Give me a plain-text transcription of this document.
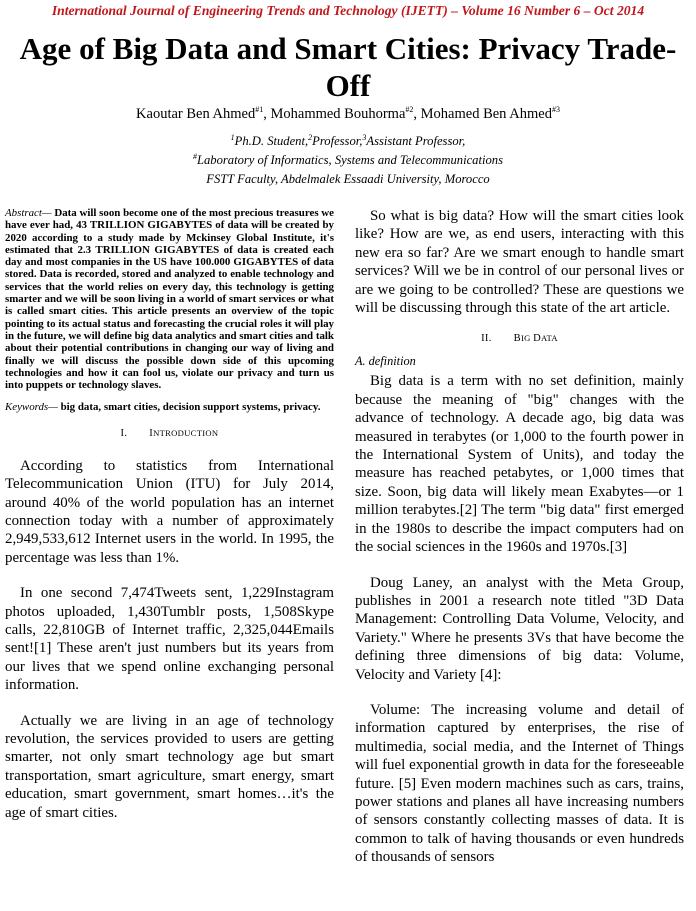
International Journal of Engineering Trends and Technology (IJETT) – Volume 16 Number 6 – Oct 2014
Age of Big Data and Smart Cities: Privacy Trade-Off
Kaoutar Ben Ahmed$^{\#1}$, Mohammed Bouhorma$^{\#2}$, Mohamed Ben Ahmed$^{\#3}$
$^1$Ph.D. Student,$^2$Professor,$^3$Assistant Professor,
#Laboratory of Informatics, Systems and Telecommunications
FSTT Faculty, Abdelmalek Essaadi University, Morocco

Abstract— Data will soon become one of the most precious treasures we have ever had, 43 TRILLION GIGABYTES of data will be created by 2020 according to a study made by Mckinsey Global Institute, it's estimated that 2.3 TRILLION GIGABYTES of data is created each day and most companies in the US have 100.000 GIGABYTES of data stored. Data is recorded, stored and analyzed to enable technology and services that the world relies on every day, this technology is getting smarter and we will be soon living in a world of smart services or what is called smart cities. This article presents an overview of the topic pointing to its actual status and forecasting the crucial roles it will play in the future, we will define big data analytics and smart cities and talk about their potential contributions in changing our way of living and finally we will discuss the possible down side of this upcoming technologies and how it can fool us, violate our privacy and turn us into puppets or technology slaves.

Keywords— big data, smart cities, decision support systems, privacy.

I. INTRODUCTION

According to statistics from International Telecommunication Union (ITU) for July 2014, around 40% of the world population has an internet connection today with a number of approximately 2,949,533,612 Internet users in the world. In 1995, the percentage was less than 1%.

In one second 7,474Tweets sent, 1,229Instagram photos uploaded, 1,430Tumblr posts, 1,508Skype calls, 22,810GB of Internet traffic, 2,325,044Emails sent![1] These aren't just numbers but its years from our lives that we spend online exchanging personal information.

Actually we are living in an age of technology revolution, the services provided to users are getting smarter, not only smart technology age but smart transportation, smart agriculture, smart energy, smart education, smart government, smart homes…it's the age of smart cities.

So what is big data? How will the smart cities look like? How are we, as end users, interacting with this new era so far? Are we smart enough to handle smart services? Will we be in control of our personal lives or are we going to be controlled? These are questions we will be discussing through this state of the art article.

II. BIG DATA

A. definition

Big data is a term with no set definition, mainly because the meaning of "big" changes with the advance of technology. A decade ago, big data was measured in terabytes (or 1,000 to the fourth power in the International System of Units), and today the measure has reached petabytes, or 1,000 times that size. Soon, big data will likely mean Exabytes—or 1 million terabytes.[2] The term "big data" first emerged in the 1980s to describe the impact computers had on the social sciences in the 1960s and 1970s.[3]

Doug Laney, an analyst with the Meta Group, publishes in 2001 a research note titled "3D Data Management: Controlling Data Volume, Velocity, and Variety." Where he presents 3Vs that have become the defining three dimensions of big data: Volume, Velocity and Variety [4]:

Volume: The increasing volume and detail of information captured by enterprises, the rise of multimedia, social media, and the Internet of Things will fuel exponential growth in data for the foreseeable future. [5] Even modern machines such as cars, trains, power stations and planes all have increasing numbers of sensors constantly collecting masses of data. It is common to talk of having thousands or even hundreds of thousands of sensors
